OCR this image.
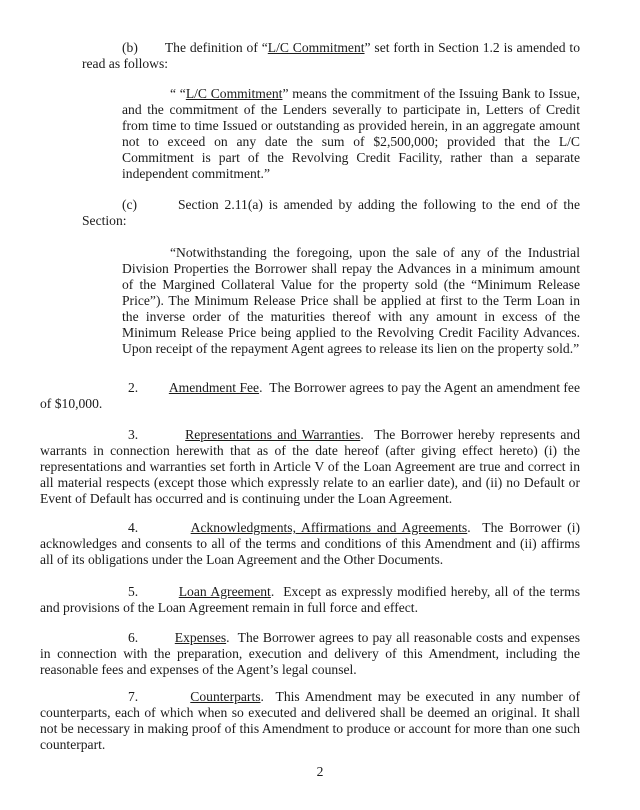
(b) The definition of “L/C Commitment” set forth in Section 1.2 is amended to read as follows:

“ “L/C Commitment” means the commitment of the Issuing Bank to Issue, and the commitment of the Lenders severally to participate in, Letters of Credit from time to time Issued or outstanding as provided herein, in an aggregate amount not to exceed on any date the sum of $2,500,000; provided that the L/C Commitment is part of the Revolving Credit Facility, rather than a separate independent commitment.”

(c)	Section 2.11(a) is amended by adding the following to the end of the Section:

“Notwithstanding the foregoing, upon the sale of any of the Industrial Division Properties the Borrower shall repay the Advances in a minimum amount of the Margined Collateral Value for the property sold (the “Minimum Release Price”). The Minimum Release Price shall be applied at first to the Term Loan in the inverse order of the maturities thereof with any amount in excess of the Minimum Release Price being applied to the Revolving Credit Facility Advances. Upon receipt of the repayment Agent agrees to release its lien on the property sold.”

2. Amendment Fee.  The Borrower agrees to pay the Agent an amendment fee of $10,000.

3.	Representations and Warranties.  The Borrower hereby represents and warrants in connection herewith that as of the date hereof (after giving effect hereto) (i) the representations and warranties set forth in Article V of the Loan Agreement are true and correct in all material respects (except those which expressly relate to an earlier date), and (ii) no Default or Event of Default has occurred and is continuing under the Loan Agreement.

4.	Acknowledgments, Affirmations and Agreements.  The Borrower (i) acknowledges and consents to all of the terms and conditions of this Amendment and (ii) affirms all of its obligations under the Loan Agreement and the Other Documents.

5.	Loan Agreement.  Except as expressly modified hereby, all of the terms and provisions of the Loan Agreement remain in full force and effect.

6.	Expenses.  The Borrower agrees to pay all reasonable costs and expenses in connection with the preparation, execution and delivery of this Amendment, including the reasonable fees and expenses of the Agent’s legal counsel.

7.	Counterparts.  This Amendment may be executed in any number of counterparts, each of which when so executed and delivered shall be deemed an original. It shall not be necessary in making proof of this Amendment to produce or account for more than one such counterpart.

2
